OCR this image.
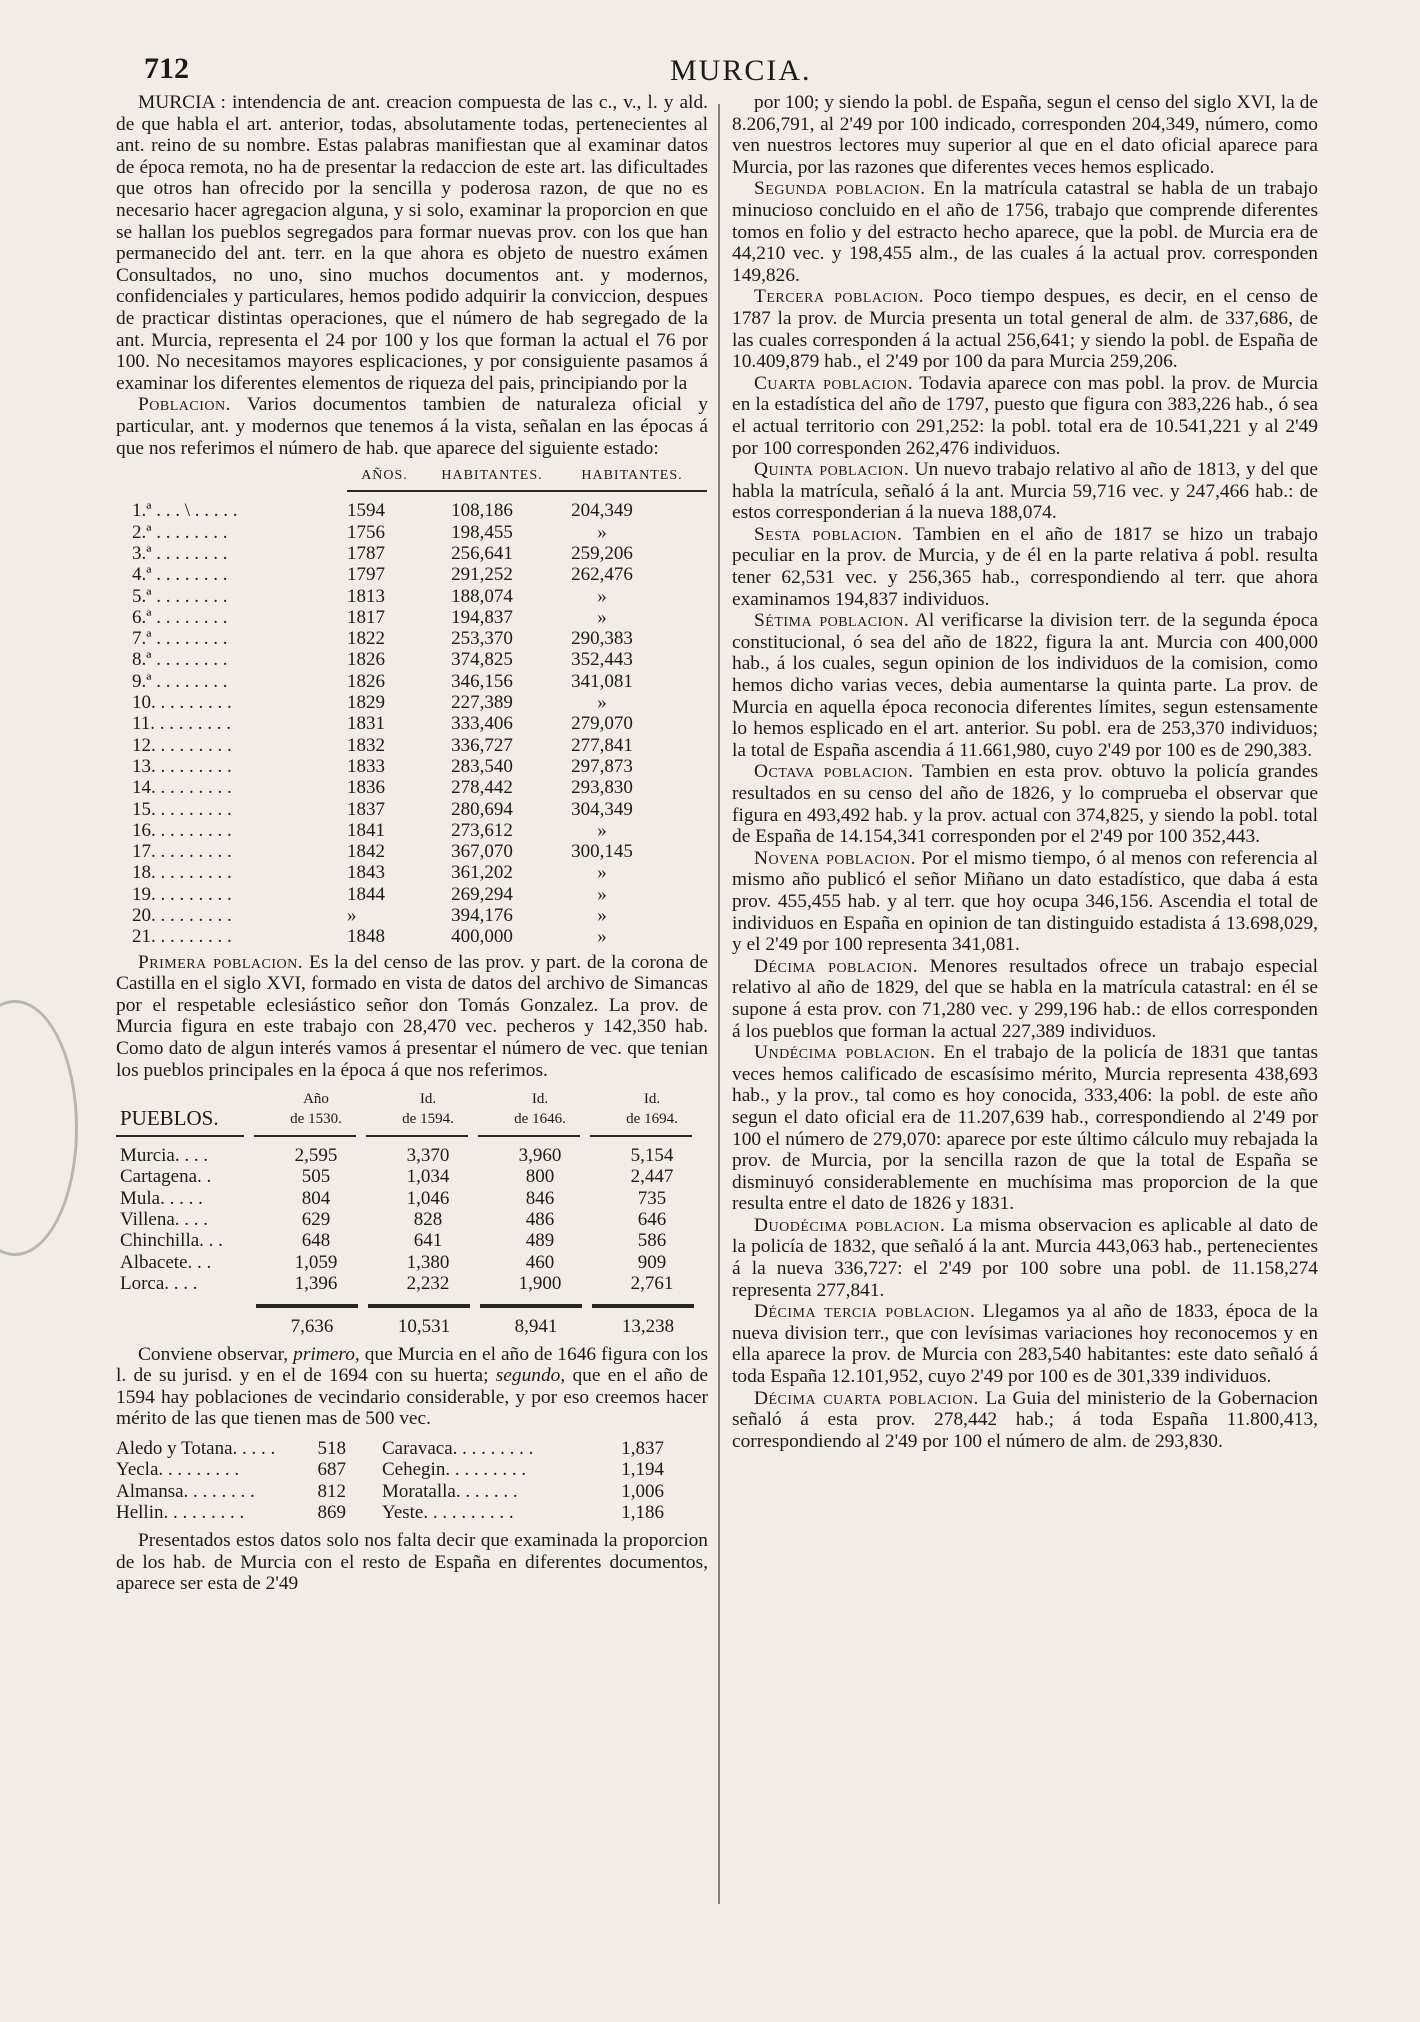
712	MURCIA.

MURCIA : intendencia de ant. creacion compuesta de las c., v., l. y ald. de que habla el art. anterior, todas, absolutamente todas, pertenecientes al ant. reino de su nombre. Estas palabras manifiestan que al examinar datos de época remota, no ha de presentar la redaccion de este art. las dificultades que otros han ofrecido por la sencilla y poderosa razon, de que no es necesario hacer agregacion alguna, y si solo, examinar la proporcion en que se hallan los pueblos segregados para formar nuevas prov. con los que han permanecido del ant. terr. en la que ahora es objeto de nuestro exámen Consultados, no uno, sino muchos documentos ant. y modernos, confidenciales y particulares, hemos podido adquirir la conviccion, despues de practicar distintas operaciones, que el número de hab segregado de la ant. Murcia, representa el 24 por 100 y los que forman la actual el 76 por 100. No necesitamos mayores esplicaciones, y por consiguiente pasamos á examinar los diferentes elementos de riqueza del pais, principiando por la

Poblacion. Varios documentos tambien de naturaleza oficial y particular, ant. y modernos que tenemos á la vista, señalan en las épocas á que nos referimos el número de hab. que aparece del siguiente estado:

AÑOS.	HABITANTES.	HABITANTES.
1.ª . . . \ . . . . .	1594	108,186	204,349
2.ª . . . . . . . .	1756	198,455	»
3.ª . . . . . . . .	1787	256,641	259,206
4.ª . . . . . . . .	1797	291,252	262,476
5.ª . . . . . . . .	1813	188,074	»
6.ª . . . . . . . .	1817	194,837	»
7.ª . . . . . . . .	1822	253,370	290,383
8.ª . . . . . . . .	1826	374,825	352,443
9.ª . . . . . . . .	1826	346,156	341,081
10. . . . . . . . .	1829	227,389	»
11. . . . . . . . .	1831	333,406	279,070
12. . . . . . . . .	1832	336,727	277,841
13. . . . . . . . .	1833	283,540	297,873
14. . . . . . . . .	1836	278,442	293,830
15. . . . . . . . .	1837	280,694	304,349
16. . . . . . . . .	1841	273,612	»
17. . . . . . . . .	1842	367,070	300,145
18. . . . . . . . .	1843	361,202	»
19. . . . . . . . .	1844	269,294	»
20. . . . . . . . .	»	394,176	»
21. . . . . . . . .	1848	400,000	»

Primera poblacion. Es la del censo de las prov. y part. de la corona de Castilla en el siglo XVI, formado en vista de datos del archivo de Simancas por el respetable eclesiástico señor don Tomás Gonzalez. La prov. de Murcia figura en este trabajo con 28,470 vec. pecheros y 142,350 hab. Como dato de algun interés vamos á presentar el número de vec. que tenian los pueblos principales en la época á que nos referimos.

PUEBLOS.
Año
de 1530.
Id.
de 1594.
Id.
de 1646.
Id.
de 1694.
Murcia. . . .	2,595	3,370	3,960	5,154
Cartagena. .	505	1,034	800	2,447
Mula. . . . .	804	1,046	846	735
Villena. . . .	629	828	486	646
Chinchilla. . .	648	641	489	586
Albacete. . .	1,059	1,380	460	909
Lorca. . . .	1,396	2,232	1,900	2,761
7,636	10,531	8,941	13,238

Conviene observar, primero, que Murcia en el año de 1646 figura con los l. de su jurisd. y en el de 1694 con su huerta; segundo, que en el año de 1594 hay poblaciones de vecindario considerable, y por eso creemos hacer mérito de las que tienen mas de 500 vec.

Aledo y Totana. . . . .	518 Caravaca. . . . . . . . .	1,837
Yecla. . . . . . . . .	687 Cehegin. . . . . . . . .	1,194
Almansa. . . . . . . .	812 Moratalla. . . . . . .	1,006
Hellin. . . . . . . . .	869 Yeste. . . . . . . . . .	1,186

Presentados estos datos solo nos falta decir que examinada la proporcion de los hab. de Murcia con el resto de España en diferentes documentos, aparece ser esta de 2'49

por 100; y siendo la pobl. de España, segun el censo del siglo XVI, la de 8.206,791, al 2'49 por 100 indicado, corresponden 204,349, número, como ven nuestros lectores muy superior al que en el dato oficial aparece para Murcia, por las razones que diferentes veces hemos esplicado.

Segunda poblacion. En la matrícula catastral se habla de un trabajo minucioso concluido en el año de 1756, trabajo que comprende diferentes tomos en folio y del estracto hecho aparece, que la pobl. de Murcia era de 44,210 vec. y 198,455 alm., de las cuales á la actual prov. corresponden 149,826.

Tercera poblacion. Poco tiempo despues, es decir, en el censo de 1787 la prov. de Murcia presenta un total general de alm. de 337,686, de las cuales corresponden á la actual 256,641; y siendo la pobl. de España de 10.409,879 hab., el 2'49 por 100 da para Murcia 259,206.

Cuarta poblacion. Todavia aparece con mas pobl. la prov. de Murcia en la estadística del año de 1797, puesto que figura con 383,226 hab., ó sea el actual territorio con 291,252: la pobl. total era de 10.541,221 y al 2'49 por 100 corresponden 262,476 individuos.

Quinta poblacion. Un nuevo trabajo relativo al año de 1813, y del que habla la matrícula, señaló á la ant. Murcia 59,716 vec. y 247,466 hab.: de estos corresponderian á la nueva 188,074.

Sesta poblacion. Tambien en el año de 1817 se hizo un trabajo peculiar en la prov. de Murcia, y de él en la parte relativa á pobl. resulta tener 62,531 vec. y 256,365 hab., correspondiendo al terr. que ahora examinamos 194,837 individuos.

Sétima poblacion. Al verificarse la division terr. de la segunda época constitucional, ó sea del año de 1822, figura la ant. Murcia con 400,000 hab., á los cuales, segun opinion de los individuos de la comision, como hemos dicho varias veces, debia aumentarse la quinta parte. La prov. de Murcia en aquella época reconocia diferentes límites, segun estensamente lo hemos esplicado en el art. anterior. Su pobl. era de 253,370 individuos; la total de España ascendia á 11.661,980, cuyo 2'49 por 100 es de 290,383.

Octava poblacion. Tambien en esta prov. obtuvo la policía grandes resultados en su censo del año de 1826, y lo comprueba el observar que figura en 493,492 hab. y la prov. actual con 374,825, y siendo la pobl. total de España de 14.154,341 corresponden por el 2'49 por 100 352,443.

Novena poblacion. Por el mismo tiempo, ó al menos con referencia al mismo año publicó el señor Miñano un dato estadístico, que daba á esta prov. 455,455 hab. y al terr. que hoy ocupa 346,156. Ascendia el total de individuos en España en opinion de tan distinguido estadista á 13.698,029, y el 2'49 por 100 representa 341,081.

Décima poblacion. Menores resultados ofrece un trabajo especial relativo al año de 1829, del que se habla en la matrícula catastral: en él se supone á esta prov. con 71,280 vec. y 299,196 hab.: de ellos corresponden á los pueblos que forman la actual 227,389 individuos.

Undécima poblacion. En el trabajo de la policía de 1831 que tantas veces hemos calificado de escasísimo mérito, Murcia representa 438,693 hab., y la prov., tal como es hoy conocida, 333,406: la pobl. de este año segun el dato oficial era de 11.207,639 hab., correspondiendo al 2'49 por 100 el número de 279,070: aparece por este último cálculo muy rebajada la prov. de Murcia, por la sencilla razon de que la total de España se disminuyó considerablemente en muchísima mas proporcion de la que resulta entre el dato de 1826 y 1831.

Duodécima poblacion. La misma observacion es aplicable al dato de la policía de 1832, que señaló á la ant. Murcia 443,063 hab., pertenecientes á la nueva 336,727: el 2'49 por 100 sobre una pobl. de 11.158,274 representa 277,841.

Décima tercia poblacion. Llegamos ya al año de 1833, época de la nueva division terr., que con levísimas variaciones hoy reconocemos y en ella aparece la prov. de Murcia con 283,540 habitantes: este dato señaló á toda España 12.101,952, cuyo 2'49 por 100 es de 301,339 individuos.

Décima cuarta poblacion. La Guia del ministerio de la Gobernacion señaló á esta prov. 278,442 hab.; á toda España 11.800,413, correspondiendo al 2'49 por 100 el número de alm. de 293,830.
